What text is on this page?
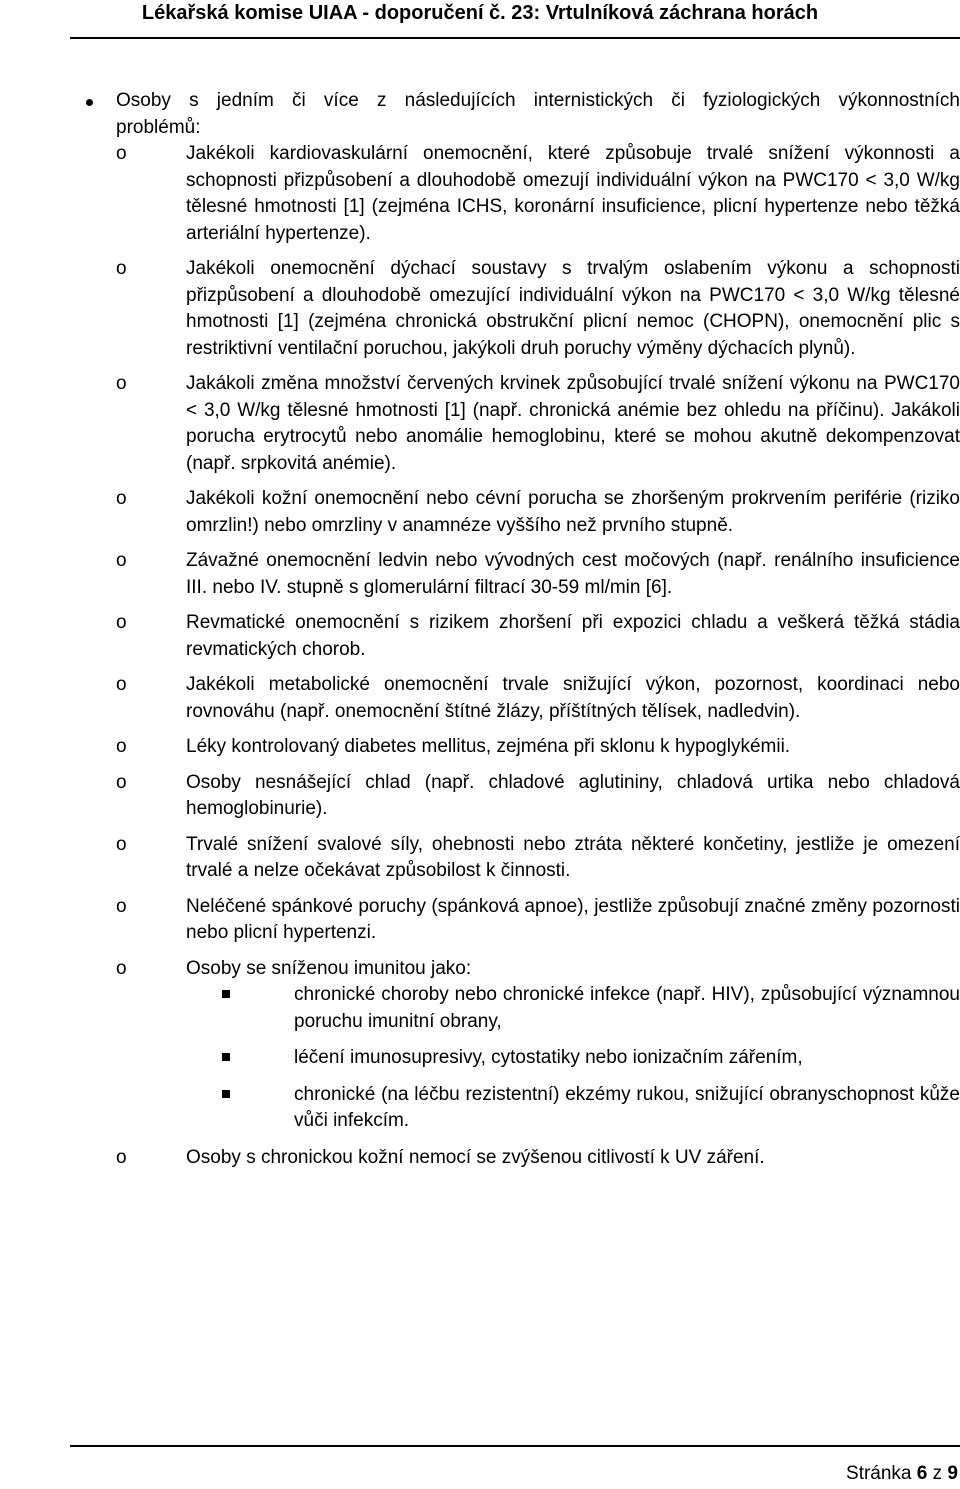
Lékařská komise UIAA - doporučení č. 23: Vrtulníková záchrana horách
Osoby s jedním či více z následujících internistických či fyziologických výkonnostních problémů:
o	Jakékoli kardiovaskulární onemocnění, které způsobuje trvalé snížení výkonnosti a schopnosti přizpůsobení a dlouhodobě omezují individuální výkon na PWC170 < 3,0 W/kg tělesné hmotnosti [1] (zejména ICHS, koronární insuficience, plicní hypertenze nebo těžká arteriální hypertenze).
o	Jakékoli onemocnění dýchací soustavy s trvalým oslabením výkonu a schopnosti přizpůsobení a dlouhodobě omezující individuální výkon na PWC170 < 3,0 W/kg tělesné hmotnosti [1] (zejména chronická obstrukční plicní nemoc (CHOPN), onemocnění plic s restriktivní ventilační poruchou, jakýkoli druh poruchy výměny dýchacích plynů).
o	Jakákoli změna množství červených krvinek způsobující trvalé snížení výkonu na PWC170 < 3,0 W/kg tělesné hmotnosti [1] (např. chronická anémie bez ohledu na příčinu). Jakákoli porucha erytrocytů nebo anomálie hemoglobinu, které se mohou akutně dekompenzovat (např. srpkovitá anémie).
o	Jakékoli kožní onemocnění nebo cévní porucha se zhoršeným prokrvením periférie (riziko omrzlin!) nebo omrzliny v anamnéze vyššího než prvního stupně.
o	Závažné onemocnění ledvin nebo vývodných cest močových (např. renálního insuficience III. nebo IV. stupně s glomerulární filtrací 30-59 ml/min [6].
o	Revmatické onemocnění s rizikem zhoršení při expozici chladu a veškerá těžká stádia revmatických chorob.
o	Jakékoli metabolické onemocnění trvale snižující výkon, pozornost, koordinaci nebo rovnováhu (např. onemocnění štítné žlázy, příštítných tělísek, nadledvin).
o	Léky kontrolovaný diabetes mellitus, zejména při sklonu k hypoglykémii.
o	Osoby nesnášející chlad (např. chladové aglutininy, chladová urtika nebo chladová hemoglobinurie).
o	Trvalé snížení svalové síly, ohebnosti nebo ztráta některé končetiny, jestliže je omezení trvalé a nelze očekávat způsobilost k činnosti.
o	Neléčené spánkové poruchy (spánková apnoe), jestliže způsobují značné změny pozornosti nebo plicní hypertenzi.
o	Osoby se sníženou imunitou jako:
chronické choroby nebo chronické infekce (např. HIV), způsobující významnou poruchu imunitní obrany,
léčení imunosupresivy, cytostatiky nebo ionizačním zářením,
chronické (na léčbu rezistentní) ekzémy rukou, snižující obranyschopnost kůže vůči infekcím.
o	Osoby s chronickou kožní nemocí se zvýšenou citlivostí k UV záření.
Stránka 6 z 9
